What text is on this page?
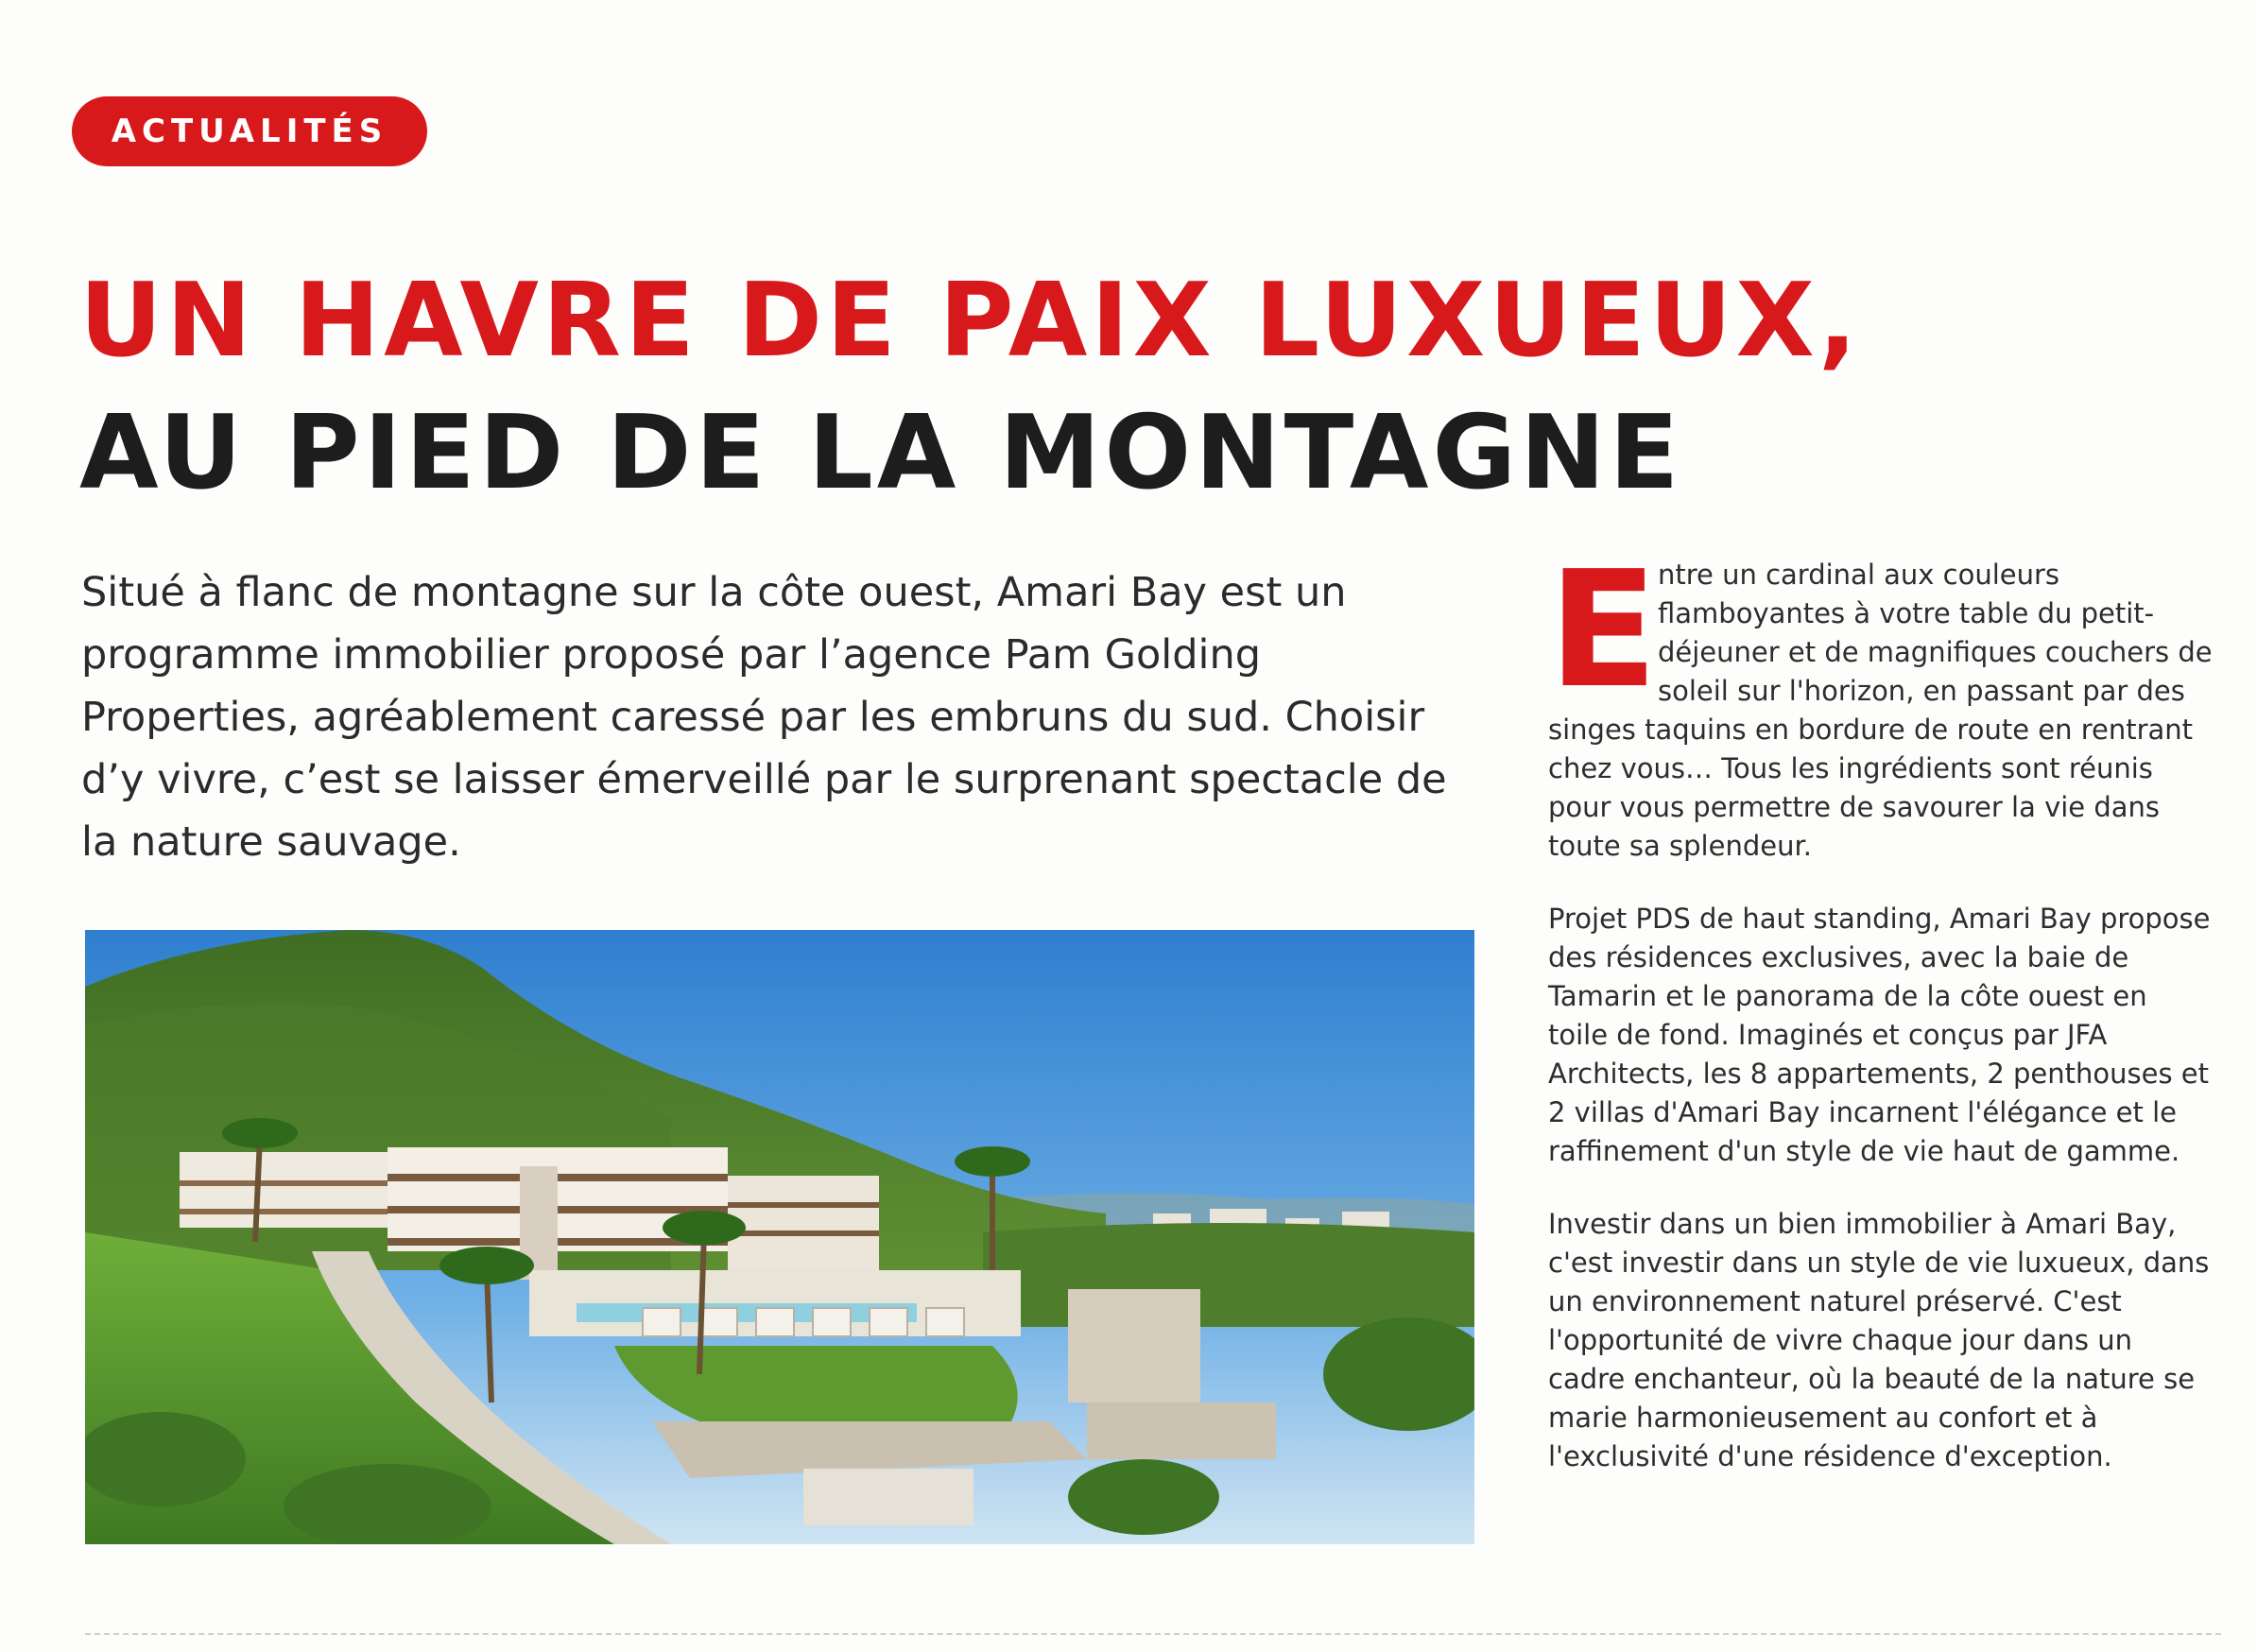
ACTUALITÉS
UN HAVRE DE PAIX LUXUEUX,
AU PIED DE LA MONTAGNE

Situé à flanc de montagne sur la côte ouest, Amari Bay est un programme immobilier proposé par l’agence Pam Golding Properties, agréablement caressé par les embruns du sud. Choisir d’y vivre, c’est se laisser émerveillé par le surprenant spectacle de la nature sauvage.

Entre un cardinal aux couleurs flamboyantes à votre table du petit-déjeuner et de magnifiques couchers de soleil sur l'horizon, en passant par des singes taquins en bordure de route en rentrant chez vous… Tous les ingrédients sont réunis pour vous permettre de savourer la vie dans toute sa splendeur.

Projet PDS de haut standing, Amari Bay propose des résidences exclusives, avec la baie de Tamarin et le panorama de la côte ouest en toile de fond. Imaginés et conçus par JFA Architects, les 8 appartements, 2 penthouses et 2 villas d'Amari Bay incarnent l'élégance et le raffinement d'un style de vie haut de gamme.

Investir dans un bien immobilier à Amari Bay, c'est investir dans un style de vie luxueux, dans un environnement naturel préservé. C'est l'opportunité de vivre chaque jour dans un cadre enchanteur, où la beauté de la nature se marie harmonieusement au confort et à l'exclusivité d'une résidence d'exception.
